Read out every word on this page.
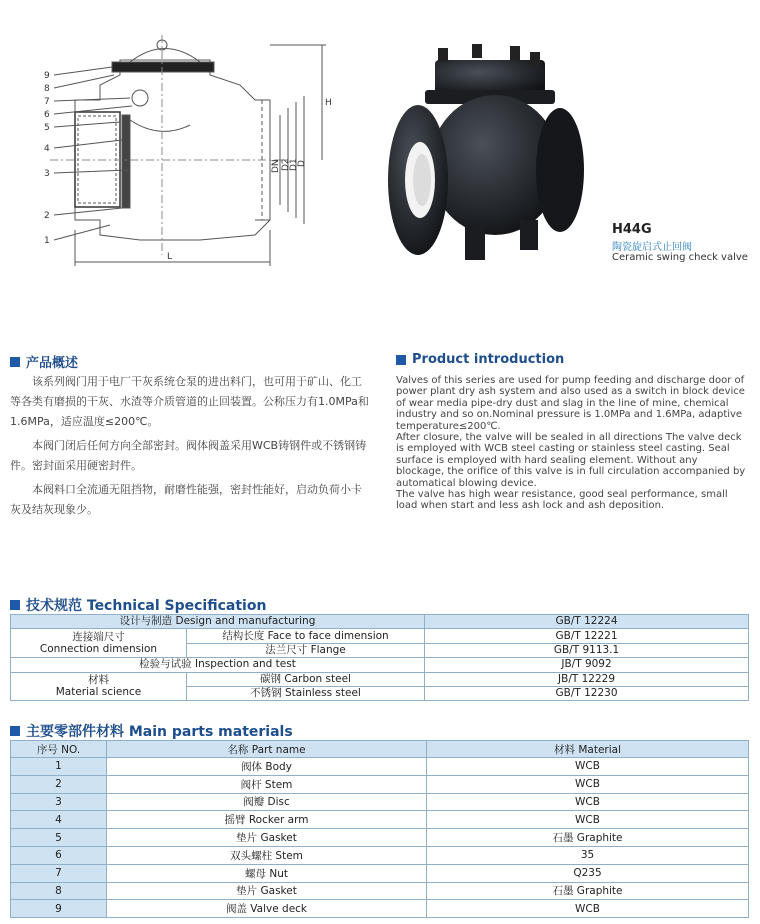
9
8
7
6
5
4
3
2
1
H
DN D2
D1
D
L
H44G
陶瓷旋启式止回阀
Ceramic swing check valve
产品概述

该系列阀门用于电厂干灰系统仓泵的进出料门，也可用于矿山、化工等各类有磨损的干灰、水渣等介质管道的止回装置。公称压力有1.0MPa和1.6MPa，适应温度≤200℃。

本阀门闭后任何方向全部密封。阀体阀盖采用WCB铸钢件或不锈钢铸件。密封面采用硬密封件。

本阀料口全流通无阻挡物，耐磨性能强，密封性能好，启动负荷小卡灰及结灰现象少。

Product introduction

Valves of this series are used for pump feeding and discharge door of power plant dry ash system and also used as a switch in block device of wear media pipe-dry dust and slag in the line of mine, chemical industry and so on.Nominal pressure is 1.0MPa and 1.6MPa, adaptive temperature≤200℃.

After closure, the valve will be sealed in all directions The valve deck is employed with WCB steel casting or stainless steel casting. Seal surface is employed with hard sealing element. Without any blockage, the orifice of this valve is in full circulation accompanied by automatical blowing device.

The valve has high wear resistance, good seal performance, small load when start and less ash lock and ash deposition.

技术规范 Technical Specification
设计与制造 Design and manufacturing		GB/T 12224

连接端尺寸
Connection dimension	结构长度 Face to face dimension	GB/T 12221
	法兰尺寸 Flange	GB/T 9113.1
检验与试验 Inspection and test		JB/T 9092

材料
Material science	碳钢 Carbon steel	JB/T 12229
	不锈钢 Stainless steel	GB/T 12230
主要零部件材料 Main parts materials
序号 NO.	名称 Part name	材料 Material
1	阀体 Body	WCB
2	阀杆 Stem	WCB
3	阀瓣 Disc	WCB
4	摇臂 Rocker arm	WCB
5	垫片 Gasket	石墨 Graphite
6	双头螺柱 Stem	35
7	螺母 Nut	Q235
8	垫片 Gasket	石墨 Graphite
9	阀盖 Valve deck	WCB
